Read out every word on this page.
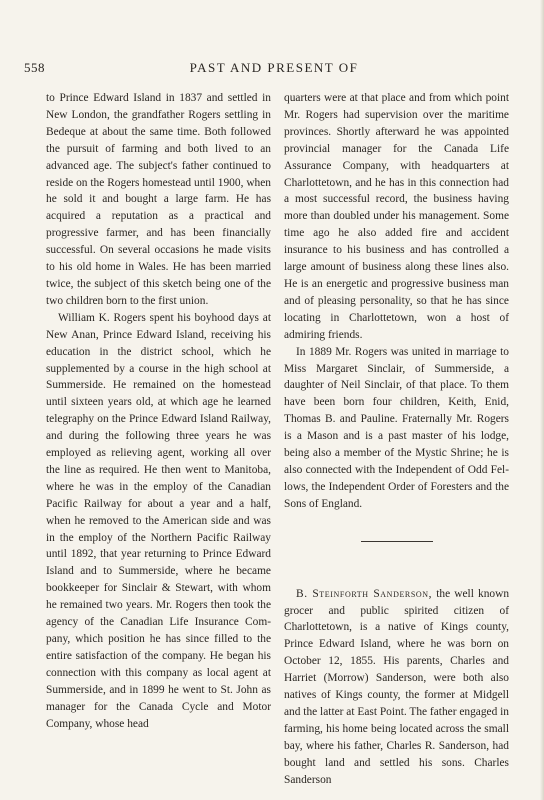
558	PAST AND PRESENT OF

to Prince Edward Island in 1837 and settled in New London, the grandfather Rogers settling in Bedeque at about the same time. Both followed the pursuit of farming and both lived to an advanced age. The subject's father continued to reside on the Rogers homestead until 1900, when he sold it and bought a large farm. He has acquired a reputation as a practical and progressive farmer, and has been financially successful. On several occasions he made visits to his old home in Wales. He has been married twice, the subject of this sketch being one of the two children born to the first union.

William K. Rogers spent his boyhood days at New Anan, Prince Edward Island, receiving his education in the district school, which he supplemented by a course in the high school at Summerside. He remained on the homestead until sixteen years old, at which age he learned telegraphy on the Prince Edward Island Railway, and during the following three years he was employed as relieving agent, working all over the line as required. He then went to Manitoba, where he was in the employ of the Canadian Pacific Railway for about a year and a half, when he removed to the American side and was in the employ of the Northern Pacific Railway until 1892, that year returning to Prince Edward Island and to Summerside, where he became bookkeeper for Sinclair & Stewart, with whom he remained two years. Mr. Rogers then took the agency of the Canadian Life Insurance Company, which position he has since filled to the entire satisfaction of the company. He began his connection with this company as local agent at Summerside, and in 1899 he went to St. John as manager for the Canada Cycle and Motor Company, whose head

quarters were at that place and from which point Mr. Rogers had supervision over the maritime provinces. Shortly afterward he was appointed provincial manager for the Canada Life Assurance Company, with headquarters at Charlottetown, and he has in this connection had a most successful record, the business having more than doubled under his management. Some time ago he also added fire and accident insurance to his business and has controlled a large amount of business along these lines also. He is an energetic and progressive business man and of pleasing personality, so that he has since locating in Charlottetown, won a host of admiring friends.

In 1889 Mr. Rogers was united in marriage to Miss Margaret Sinclair, of Summerside, a daughter of Neil Sinclair, of that place. To them have been born four children, Keith, Enid, Thomas B. and Pauline. Fraternally Mr. Rogers is a Mason and is a past master of his lodge, being also a member of the Mystic Shrine; he is also connected with the Independent of Odd Fellows, the Independent Order of Foresters and the Sons of England.

B. Steinforth Sanderson, the well known grocer and public spirited citizen of Charlottetown, is a native of Kings county, Prince Edward Island, where he was born on October 12, 1855. His parents, Charles and Harriet (Morrow) Sanderson, were both also natives of Kings county, the former at Midgell and the latter at East Point. The father engaged in farming, his home being located across the small bay, where his father, Charles R. Sanderson, had bought land and settled his sons. Charles Sanderson
